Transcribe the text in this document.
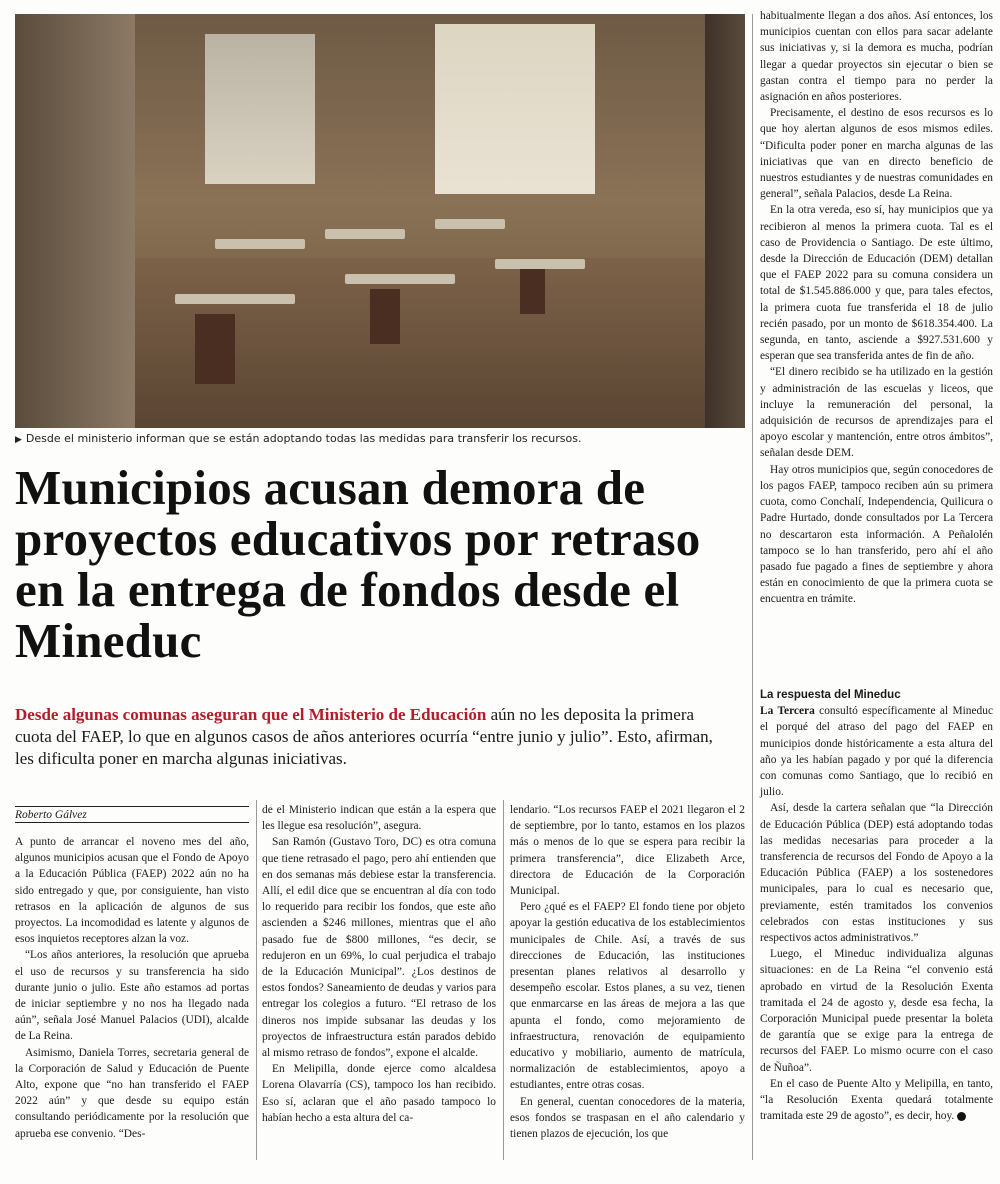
▶ Desde el ministerio informan que se están adoptando todas las medidas para transferir los recursos.
Municipios acusan demora de proyectos educativos por retraso en la entrega de fondos desde el Mineduc

Desde algunas comunas aseguran que el Ministerio de Educación aún no les deposita la primera cuota del FAEP, lo que en algunos casos de años anteriores ocurría “entre junio y julio”. Esto, afirman, les dificulta poner en marcha algunas iniciativas.

Roberto Gálvez

A punto de arrancar el noveno mes del año, algunos municipios acusan que el Fondo de Apoyo a la Educación Pública (FAEP) 2022 aún no ha sido entregado y que, por consiguiente, han visto retrasos en la aplicación de algunos de sus proyectos. La incomodidad es latente y algunos de esos inquietos receptores alzan la voz.

“Los años anteriores, la resolución que aprueba el uso de recursos y su transferencia ha sido durante junio o julio. Este año estamos ad portas de iniciar septiembre y no nos ha llegado nada aún”, señala José Manuel Palacios (UDI), alcalde de La Reina.

Asimismo, Daniela Torres, secretaria general de la Corporación de Salud y Educación de Puente Alto, expone que “no han transferido el FAEP 2022 aún” y que desde su equipo están consultando periódicamente por la resolución que aprueba ese convenio. “Des-

de el Ministerio indican que están a la espera que les llegue esa resolución”, asegura.

San Ramón (Gustavo Toro, DC) es otra comuna que tiene retrasado el pago, pero ahí entienden que en dos semanas más debiese estar la transferencia. Allí, el edil dice que se encuentran al día con todo lo requerido para recibir los fondos, que este año ascienden a $246 millones, mientras que el año pasado fue de $800 millones, “es decir, se redujeron en un 69%, lo cual perjudica el trabajo de la Educación Municipal”. ¿Los destinos de estos fondos? Saneamiento de deudas y varios para entregar los colegios a futuro. “El retraso de los dineros nos impide subsanar las deudas y los proyectos de infraestructura están parados debido al mismo retraso de fondos”, expone el alcalde.

En Melipilla, donde ejerce como alcaldesa Lorena Olavarría (CS), tampoco los han recibido. Eso sí, aclaran que el año pasado tampoco lo habían hecho a esta altura del ca-

lendario. “Los recursos FAEP el 2021 llegaron el 2 de septiembre, por lo tanto, estamos en los plazos más o menos de lo que se espera para recibir la primera transferencia”, dice Elizabeth Arce, directora de Educación de la Corporación Municipal.

Pero ¿qué es el FAEP? El fondo tiene por objeto apoyar la gestión educativa de los establecimientos municipales de Chile. Así, a través de sus direcciones de Educación, las instituciones presentan planes relativos al desarrollo y desempeño escolar. Estos planes, a su vez, tienen que enmarcarse en las áreas de mejora a las que apunta el fondo, como mejoramiento de infraestructura, renovación de equipamiento educativo y mobiliario, aumento de matrícula, normalización de establecimientos, apoyo a estudiantes, entre otras cosas.

En general, cuentan conocedores de la materia, esos fondos se traspasan en el año calendario y tienen plazos de ejecución, los que

habitualmente llegan a dos años. Así entonces, los municipios cuentan con ellos para sacar adelante sus iniciativas y, si la demora es mucha, podrían llegar a quedar proyectos sin ejecutar o bien se gastan contra el tiempo para no perder la asignación en años posteriores.

Precisamente, el destino de esos recursos es lo que hoy alertan algunos de esos mismos ediles. “Dificulta poder poner en marcha algunas de las iniciativas que van en directo beneficio de nuestros estudiantes y de nuestras comunidades en general”, señala Palacios, desde La Reina.

En la otra vereda, eso sí, hay municipios que ya recibieron al menos la primera cuota. Tal es el caso de Providencia o Santiago. De este último, desde la Dirección de Educación (DEM) detallan que el FAEP 2022 para su comuna considera un total de $1.545.886.000 y que, para tales efectos, la primera cuota fue transferida el 18 de julio recién pasado, por un monto de $618.354.400. La segunda, en tanto, asciende a $927.531.600 y esperan que sea transferida antes de fin de año.

“El dinero recibido se ha utilizado en la gestión y administración de las escuelas y liceos, que incluye la remuneración del personal, la adquisición de recursos de aprendizajes para el apoyo escolar y mantención, entre otros ámbitos”, señalan desde DEM.

Hay otros municipios que, según conocedores de los pagos FAEP, tampoco reciben aún su primera cuota, como Conchalí, Independencia, Quilicura o Padre Hurtado, donde consultados por La Tercera no descartaron esta información. A Peñalolén tampoco se lo han transferido, pero ahí el año pasado fue pagado a fines de septiembre y ahora están en conocimiento de que la primera cuota se encuentra en trámite.

La respuesta del Mineduc

La Tercera consultó específicamente al Mineduc el porqué del atraso del pago del FAEP en municipios donde históricamente a esta altura del año ya les habían pagado y por qué la diferencia con comunas como Santiago, que lo recibió en julio.

Así, desde la cartera señalan que “la Dirección de Educación Pública (DEP) está adoptando todas las medidas necesarias para proceder a la transferencia de recursos del Fondo de Apoyo a la Educación Pública (FAEP) a los sostenedores municipales, para lo cual es necesario que, previamente, estén tramitados los convenios celebrados con estas instituciones y sus respectivos actos administrativos.”

Luego, el Mineduc individualiza algunas situaciones: en de La Reina “el convenio está aprobado en virtud de la Resolución Exenta tramitada el 24 de agosto y, desde esa fecha, la Corporación Municipal puede presentar la boleta de garantía que se exige para la entrega de recursos del FAEP. Lo mismo ocurre con el caso de Ñuñoa”.

En el caso de Puente Alto y Melipilla, en tanto, “la Resolución Exenta quedará totalmente tramitada este 29 de agosto”, es decir, hoy.
